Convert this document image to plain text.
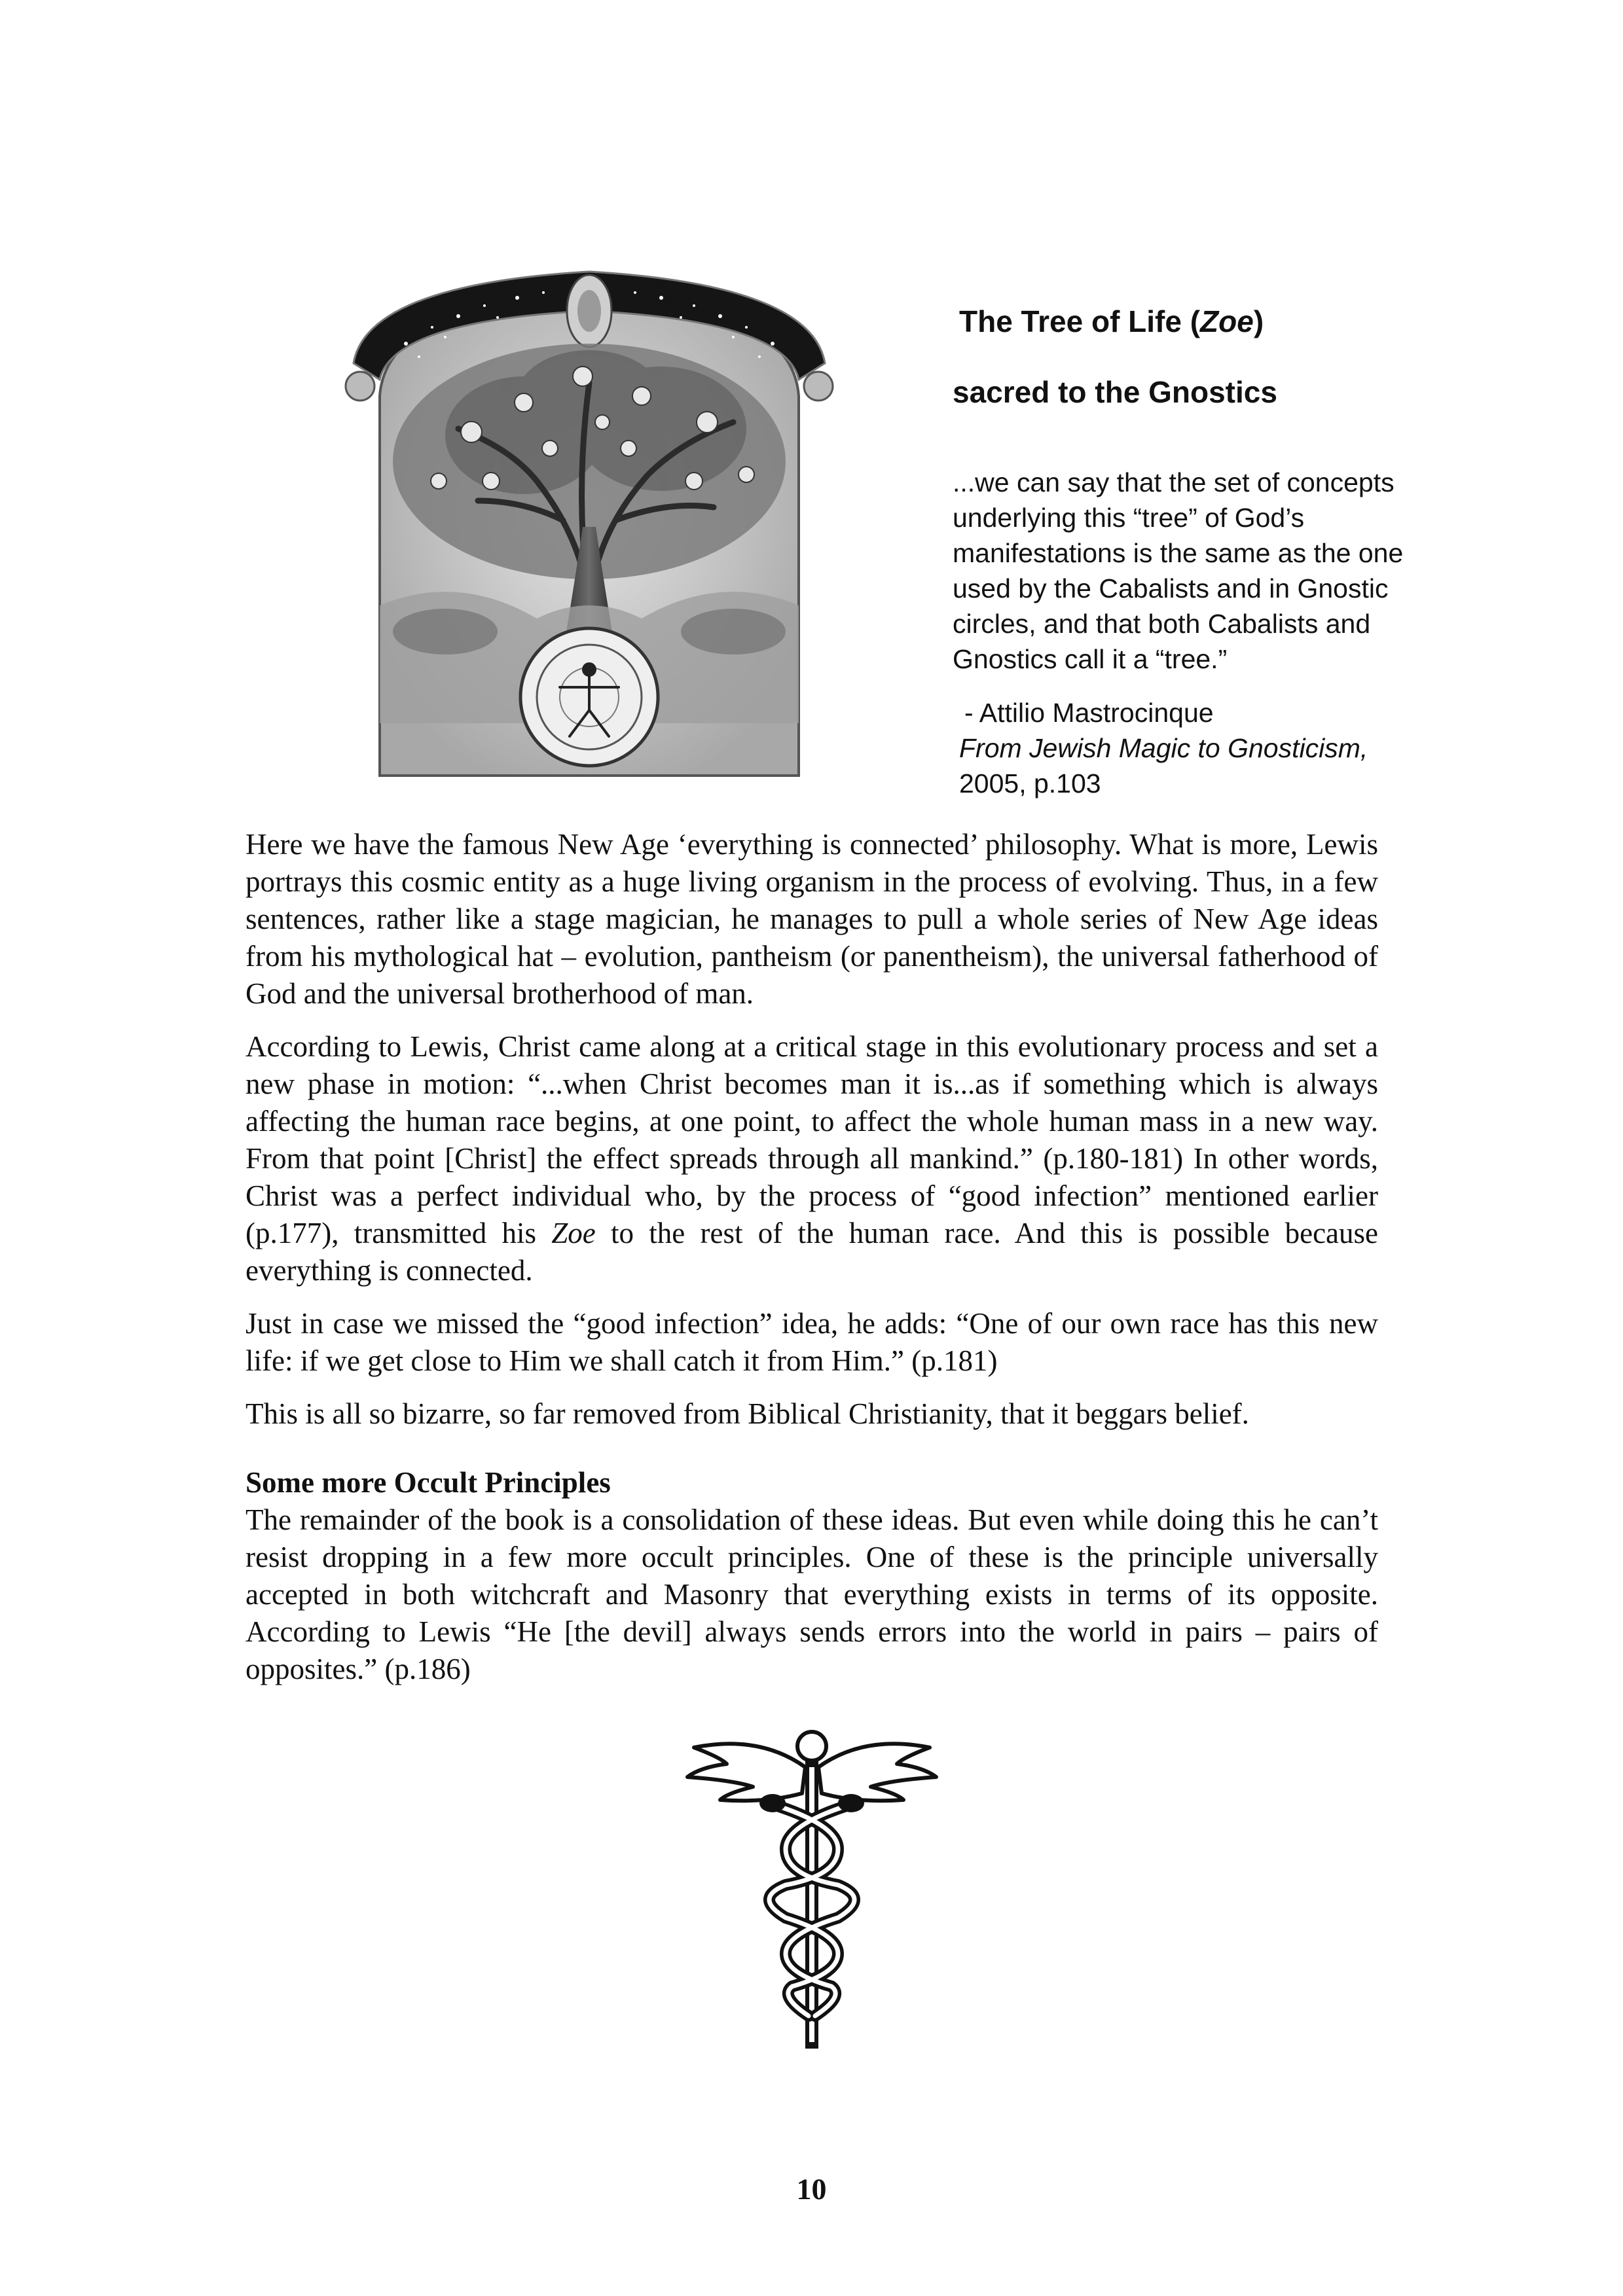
The Tree of Life (Zoe)

sacred to the Gnostics

...we can say that the set of concepts underlying this “tree” of God’s manifestations is the same as the one used by the Cabalists and in Gnostic circles, and that both Cabalists and Gnostics call it a “tree.”
- Attilio Mastrocinque
From Jewish Magic to Gnosticism, 2005, p.103

Here we have the famous New Age ‘everything is connected’ philosophy. What is more, Lewis portrays this cosmic entity as a huge living organism in the process of evolving. Thus, in a few sentences, rather like a stage magician, he manages to pull a whole series of New Age ideas from his mythological hat – evolution, pantheism (or panentheism), the universal fatherhood of God and the universal brotherhood of man.

According to Lewis, Christ came along at a critical stage in this evolutionary process and set a new phase in motion: “...when Christ becomes man it is...as if something which is always affecting the human race begins, at one point, to affect the whole human mass in a new way. From that point [Christ] the effect spreads through all mankind.” (p.180-181) In other words, Christ was a perfect individual who, by the process of “good infection” mentioned earlier (p.177), transmitted his Zoe to the rest of the human race. And this is possible because everything is connected.

Just in case we missed the “good infection” idea, he adds: “One of our own race has this new life: if we get close to Him we shall catch it from Him.” (p.181)

This is all so bizarre, so far removed from Biblical Christianity, that it beggars belief.

Some more Occult Principles

The remainder of the book is a consolidation of these ideas. But even while doing this he can’t resist dropping in a few more occult principles. One of these is the principle universally accepted in both witchcraft and Masonry that everything exists in terms of its opposite. According to Lewis “He [the devil] always sends errors into the world in pairs – pairs of opposites.” (p.186)

10
